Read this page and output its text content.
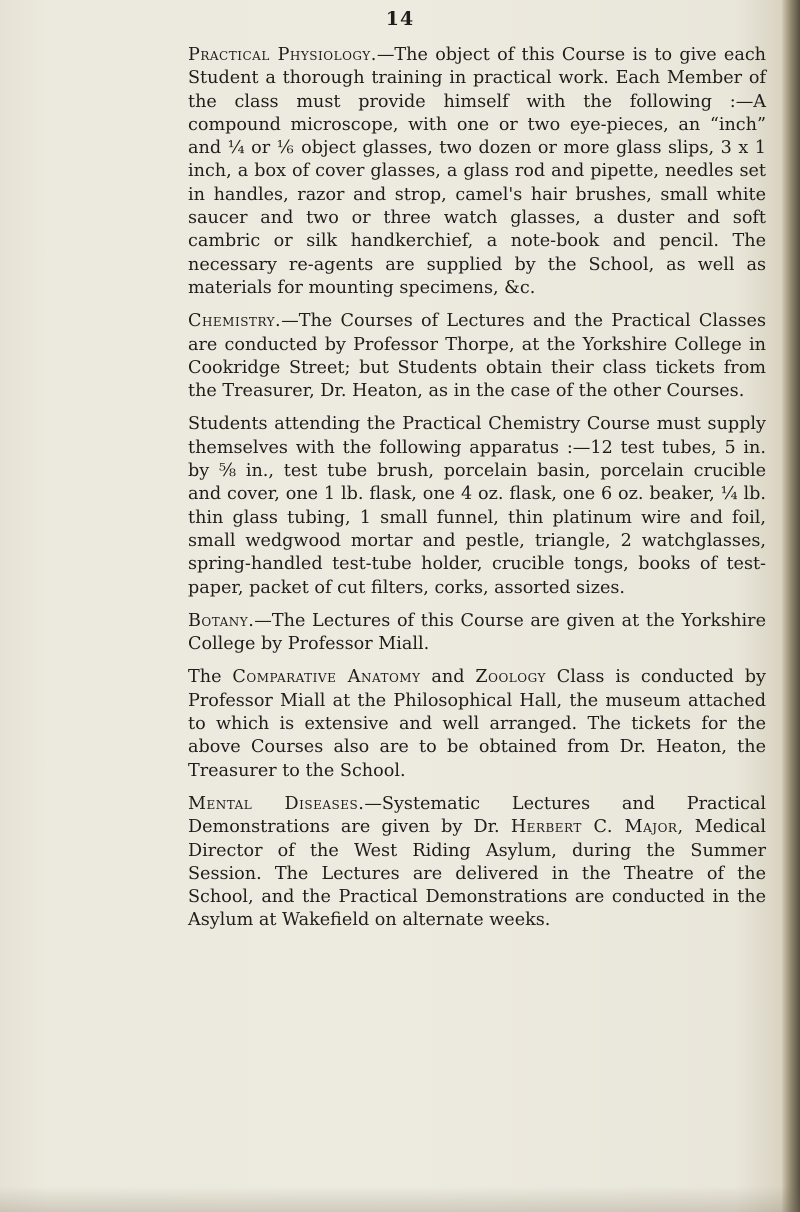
14

Practical Physiology.—The object of this Course is to give each Student a thorough training in practical work. Each Member of the class must provide himself with the following :—A compound microscope, with one or two eye-pieces, an “inch” and ¼ or ⅙ object glasses, two dozen or more glass slips, 3 x 1 inch, a box of cover glasses, a glass rod and pipette, needles set in handles, razor and strop, camel's hair brushes, small white saucer and two or three watch glasses, a duster and soft cambric or silk handkerchief, a note-book and pencil. The necessary re-agents are supplied by the School, as well as materials for mounting specimens, &c.

Chemistry.—The Courses of Lectures and the Practical Classes are conducted by Professor Thorpe, at the Yorkshire College in Cookridge Street; but Students obtain their class tickets from the Treasurer, Dr. Heaton, as in the case of the other Courses.

Students attending the Practical Chemistry Course must supply themselves with the following apparatus :—12 test tubes, 5 in. by ⅝ in., test tube brush, porcelain basin, porcelain crucible and cover, one 1 lb. flask, one 4 oz. flask, one 6 oz. beaker, ¼ lb. thin glass tubing, 1 small funnel, thin platinum wire and foil, small wedgwood mortar and pestle, triangle, 2 watchglasses, spring-handled test-tube holder, crucible tongs, books of test-paper, packet of cut filters, corks, assorted sizes.

Botany.—The Lectures of this Course are given at the Yorkshire College by Professor Miall.

The Comparative Anatomy and Zoology Class is conducted by Professor Miall at the Philosophical Hall, the museum attached to which is extensive and well arranged. The tickets for the above Courses also are to be obtained from Dr. Heaton, the Treasurer to the School.

Mental Diseases.—Systematic Lectures and Practical Demonstrations are given by Dr. Herbert C. Major, Medical Director of the West Riding Asylum, during the Summer Session. The Lectures are delivered in the Theatre of the School, and the Practical Demonstrations are conducted in the Asylum at Wakefield on alternate weeks.
